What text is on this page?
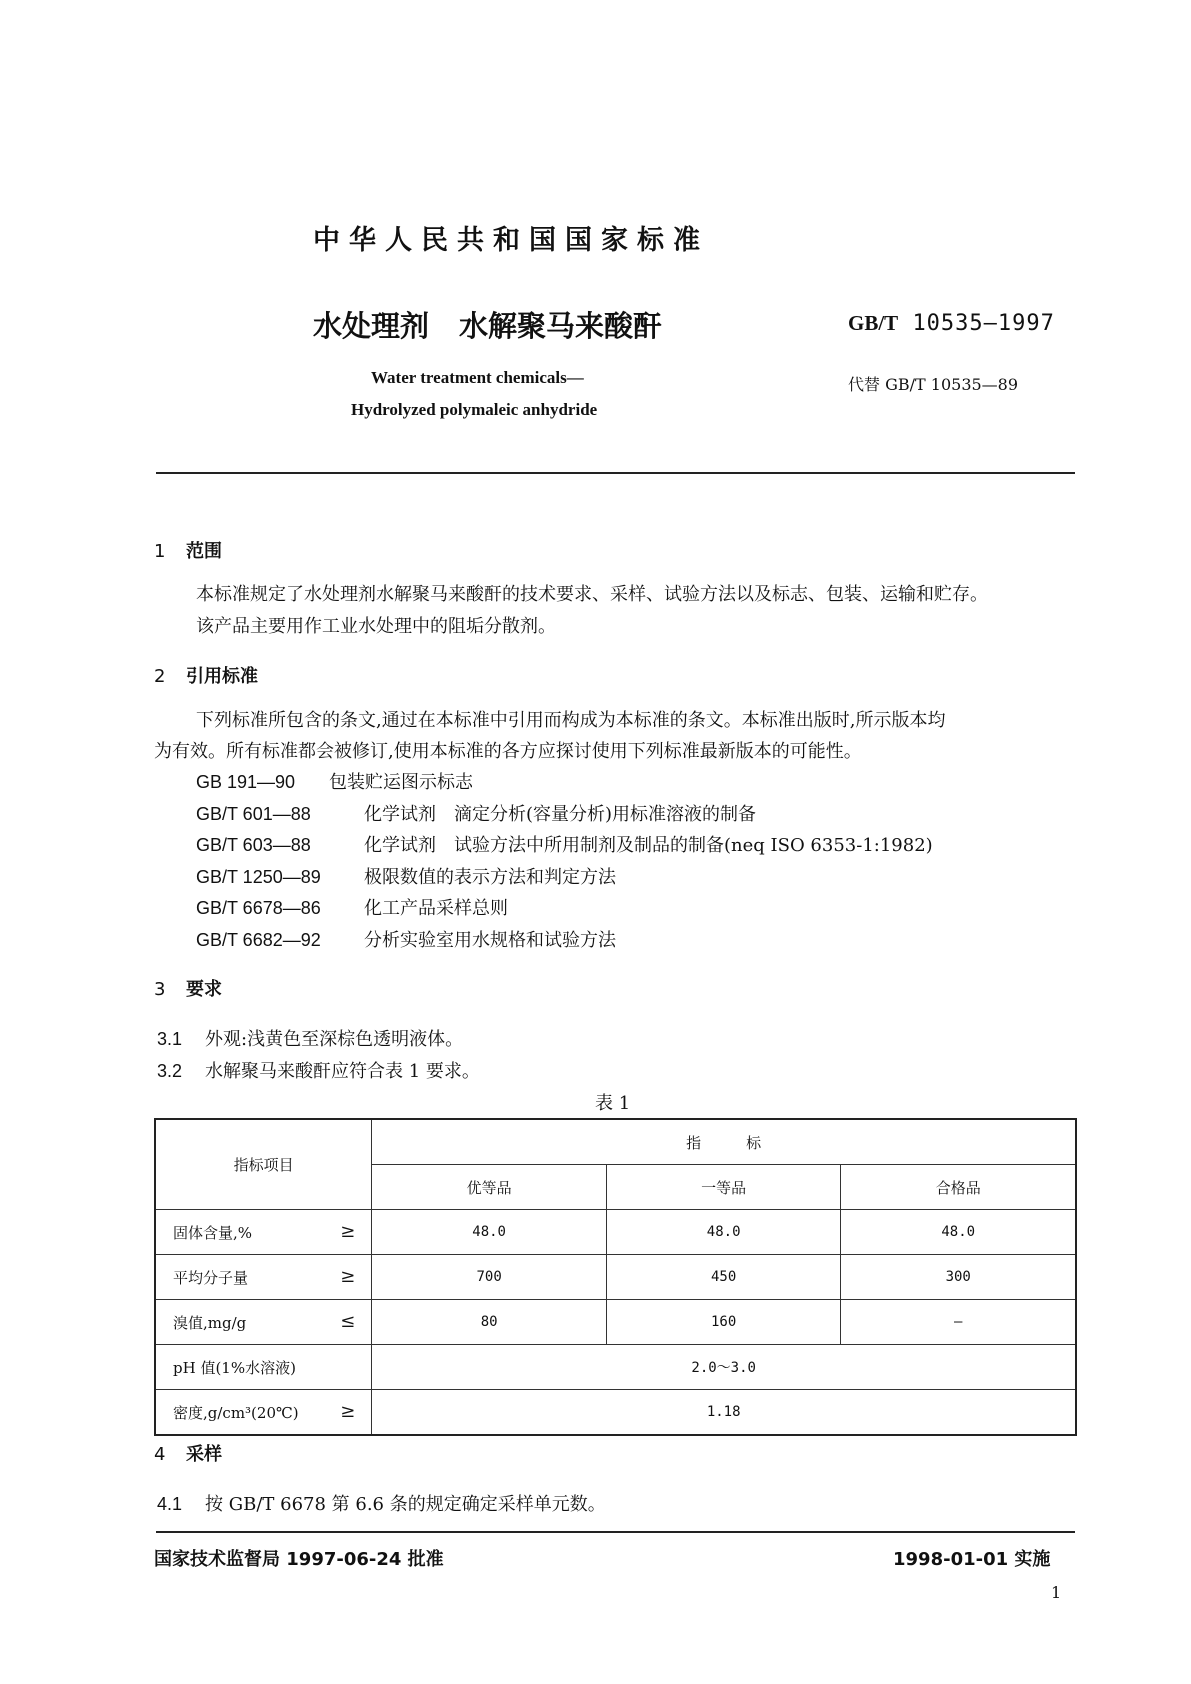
中华人民共和国国家标准
水处理剂 水解聚马来酸酐	GB/T 10535—1997
Water treatment chemicals—
Hydrolyzed polymaleic anhydride
代替 GB/T 10535—89
1 范围
本标准规定了水处理剂水解聚马来酸酐的技术要求、采样、试验方法以及标志、包装、运输和贮存。
该产品主要用作工业水处理中的阻垢分散剂。
2 引用标准
下列标准所包含的条文,通过在本标准中引用而构成为本标准的条文。本标准出版时,所示版本均
为有效。所有标准都会被修订,使用本标准的各方应探讨使用下列标准最新版本的可能性。
GB 191—90 包装贮运图示标志
GB/T 601—88	化学试剂　滴定分析(容量分析)用标准溶液的制备
GB/T 603—88	化学试剂　试验方法中所用制剂及制品的制备(neq ISO 6353-1:1982)
GB/T 1250—89 极限数值的表示方法和判定方法
GB/T 6678—86 化工产品采样总则
GB/T 6682—92 分析实验室用水规格和试验方法
3 要求
3.1 外观:浅黄色至深棕色透明液体。
3.2 水解聚马来酸酐应符合表 1 要求。
表 1
指标项目	指　　　标		
	优等品	一等品	合格品
固体含量,% ≥	48.0	48.0	48.0
平均分子量 ≥	700	450	300
溴值,mg/g ≤	80	160	—
pH 值(1%水溶液)	2.0～3.0		
密度,g/cm³(20℃) ≥	1.18		
4 采样
4.1 按 GB/T 6678 第 6.6 条的规定确定采样单元数。
国家技术监督局 1997-06-24 批准	1998-01-01 实施
1
